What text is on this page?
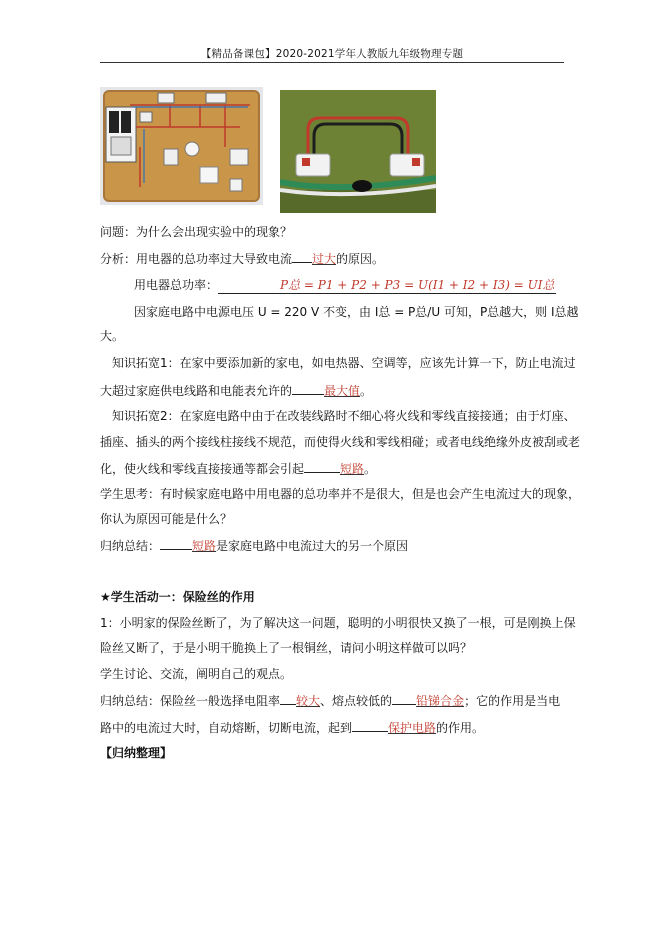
【精品备课包】2020-2021学年人教版九年级物理专题
问题：为什么会出现实验中的现象？
分析：用电器的总功率过大导致电流 过大的原因。
用电器总功率：	P总 = P1 + P2 + P3 = U(I1 + I2 + I3) = UI总
因家庭电路中电源电压 U = 220 V 不变，由 I总 = P总/U 可知，P总越大，则 I总越
大。
知识拓宽1：在家中要添加新的家电，如电热器、空调等，应该先计算一下，防止电流过
大超过家庭供电线路和电能表允许的	最大值。
知识拓宽2：在家庭电路中由于在改装线路时不细心将火线和零线直接接通；由于灯座、
插座、插头的两个接线柱接线不规范，而使得火线和零线相碰；或者电线绝缘外皮被刮或老
化，使火线和零线直接接通等都会引起	短路。
学生思考：有时候家庭电路中用电器的总功率并不是很大，但是也会产生电流过大的现象，
你认为原因可能是什么？
归纳总结：	短路是家庭电路中电流过大的另一个原因
★学生活动一：保险丝的作用
1：小明家的保险丝断了，为了解决这一问题，聪明的小明很快又换了一根，可是刚换上保
险丝又断了，于是小明干脆换上了一根铜丝，请问小明这样做可以吗？
学生讨论、交流，阐明自己的观点。
归纳总结：保险丝一般选择电阻率 较大、熔点较低的 铅锑合金；它的作用是当电
路中的电流过大时，自动熔断，切断电流，起到	保护电路的作用。
【归纳整理】
